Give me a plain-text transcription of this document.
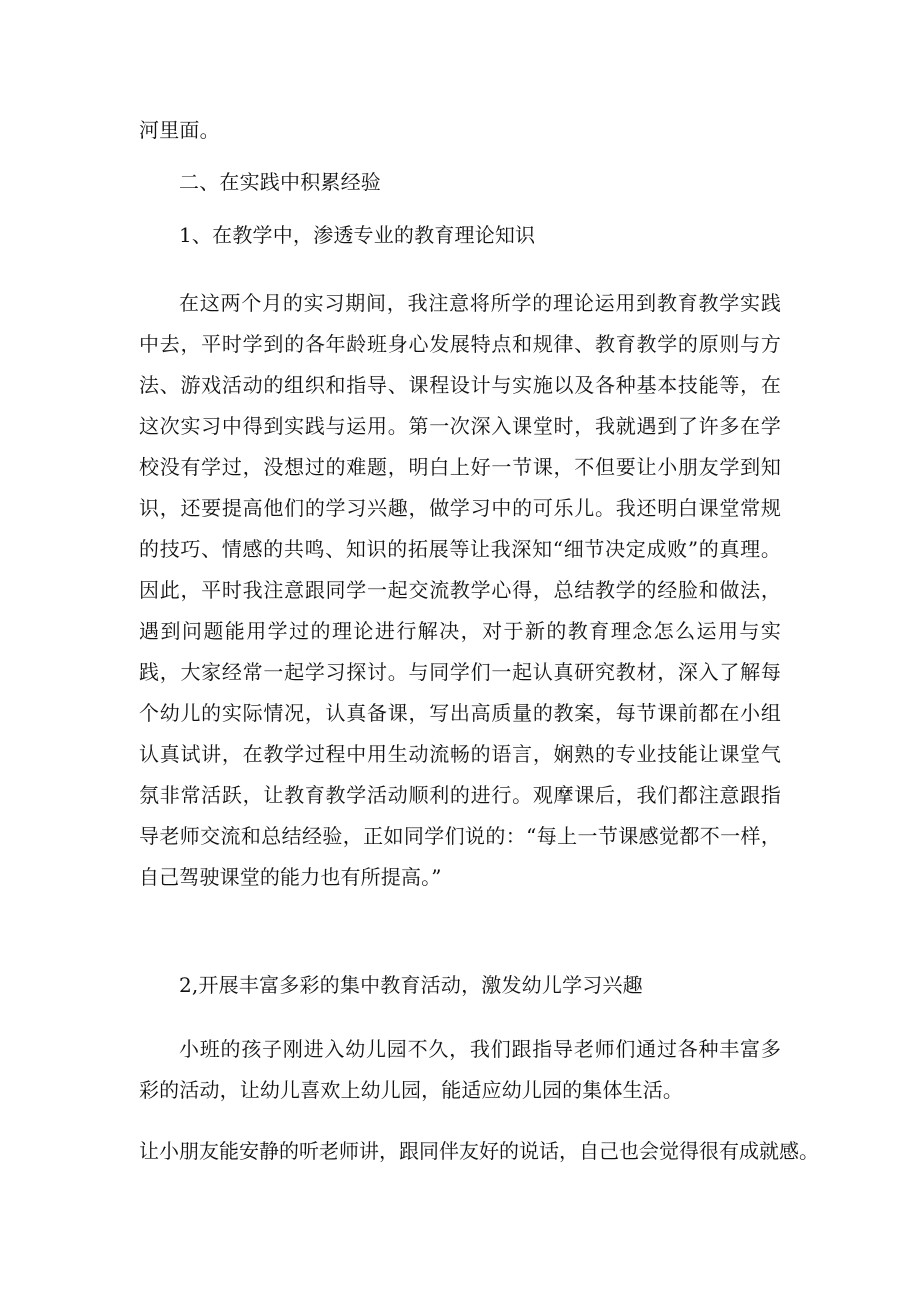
河里面。
二、在实践中积累经验
1、在教学中，渗透专业的教育理论知识

在这两个月的实习期间，我注意将所学的理论运用到教育教学实践中去，平时学到的各年龄班身心发展特点和规律、教育教学的原则与方法、游戏活动的组织和指导、课程设计与实施以及各种基本技能等，在这次实习中得到实践与运用。第一次深入课堂时，我就遇到了许多在学校没有学过，没想过的难题，明白上好一节课，不但要让小朋友学到知识，还要提高他们的学习兴趣，做学习中的可乐儿。我还明白课堂常规的技巧、情感的共鸣、知识的拓展等让我深知“细节决定成败”的真理。因此，平时我注意跟同学一起交流教学心得，总结教学的经脸和做法，遇到问题能用学过的理论进行解决，对于新的教育理念怎么运用与实践，大家经常一起学习探讨。与同学们一起认真研究教材，深入了解每个幼儿的实际情况，认真备课，写出高质量的教案，每节课前都在小组认真试讲，在教学过程中用生动流畅的语言，娴熟的专业技能让课堂气氛非常活跃，让教育教学活动顺利的进行。观摩课后，我们都注意跟指导老师交流和总结经验，正如同学们说的：“每上一节课感觉都不一样，自己驾驶课堂的能力也有所提高。”

2,开展丰富多彩的集中教育活动，激发幼儿学习兴趣

小班的孩子刚进入幼儿园不久，我们跟指导老师们通过各种丰富多彩的活动，让幼儿喜欢上幼儿园，能适应幼儿园的集体生活。

让小朋友能安静的听老师讲，跟同伴友好的说话，自己也会觉得很有成就感。
